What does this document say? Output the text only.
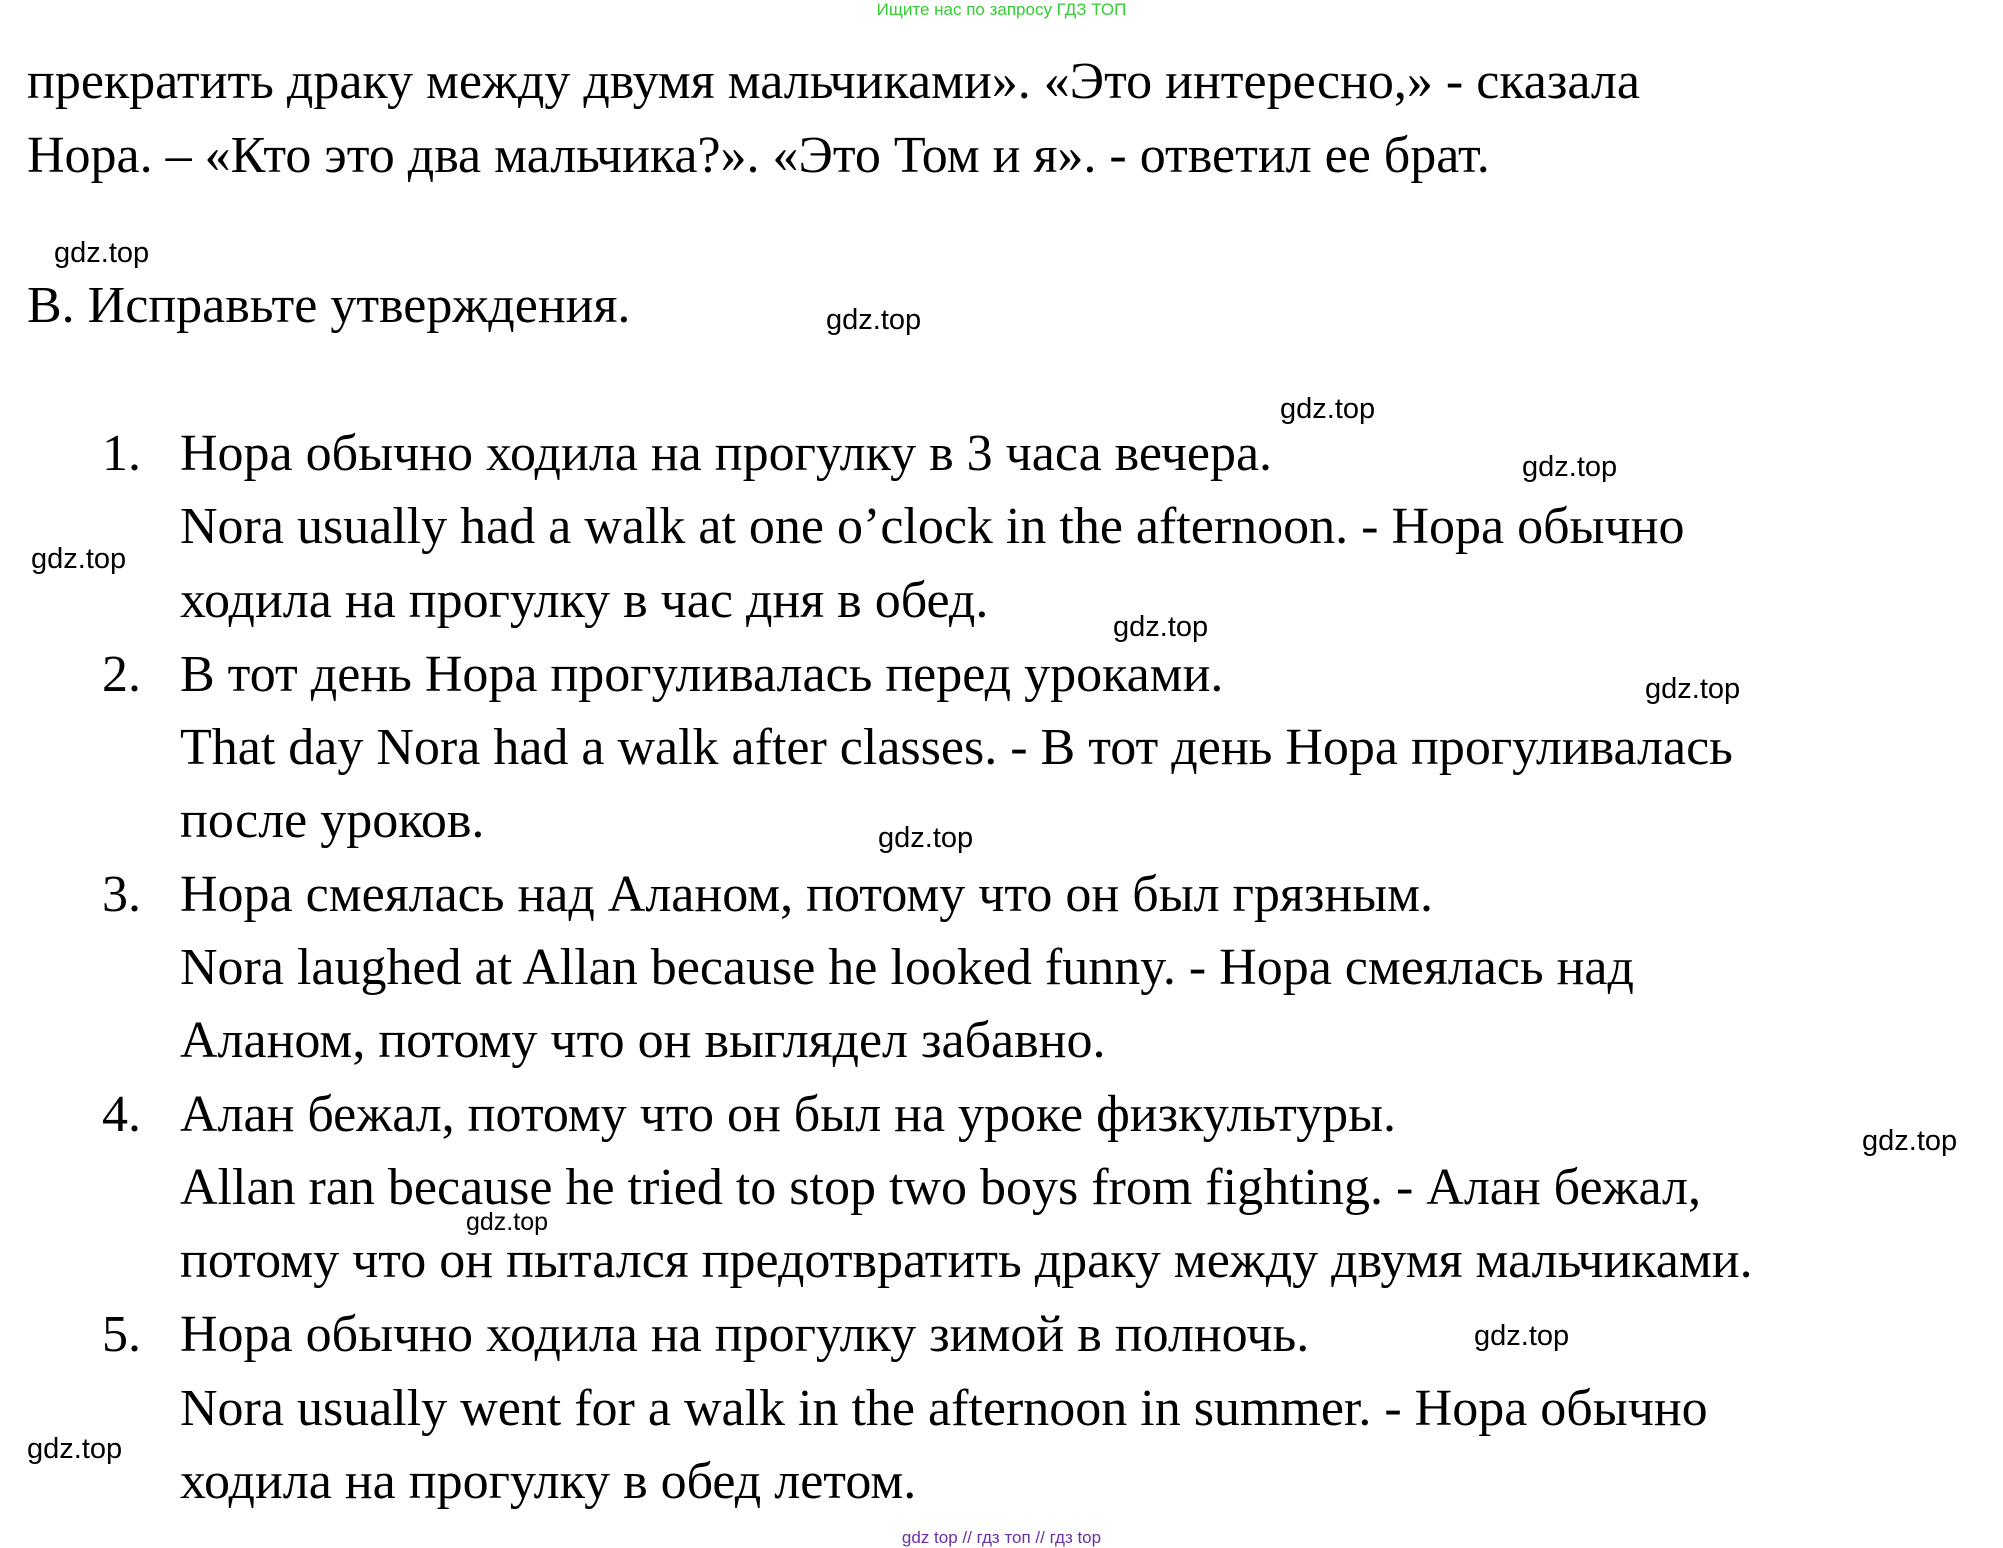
Ищите нас по запросу ГДЗ ТОП
прекратить драку между двумя мальчиками». «Это интересно,» - сказала
Нора. – «Кто это два мальчика?». «Это Том и я». - ответил ее брат.
B. Исправьте утверждения.
1. Нора обычно ходила на прогулку в 3 часа вечера.
Nora usually had a walk at one o’clock in the afternoon. - Нора обычно
ходила на прогулку в час дня в обед.
2. В тот день Нора прогуливалась перед уроками.
That day Nora had a walk after classes. - В тот день Нора прогуливалась
после уроков.
3. Нора смеялась над Аланом, потому что он был грязным.
Nora laughed at Allan because he looked funny. - Нора смеялась над
Аланом, потому что он выглядел забавно.
4. Алан бежал, потому что он был на уроке физкультуры.
Allan ran because he tried to stop two boys from fighting. - Алан бежал,
потому что он пытался предотвратить драку между двумя мальчиками.
5. Нора обычно ходила на прогулку зимой в полночь.
Nora usually went for a walk in the afternoon in summer. - Нора обычно
ходила на прогулку в обед летом.
gdz.top
gdz.top
gdz.top
gdz.top
gdz.top
gdz.top
gdz.top
gdz.top
gdz.top
gdz.top
gdz.top
gdz.top
gdz top // гдз топ // гдз top
